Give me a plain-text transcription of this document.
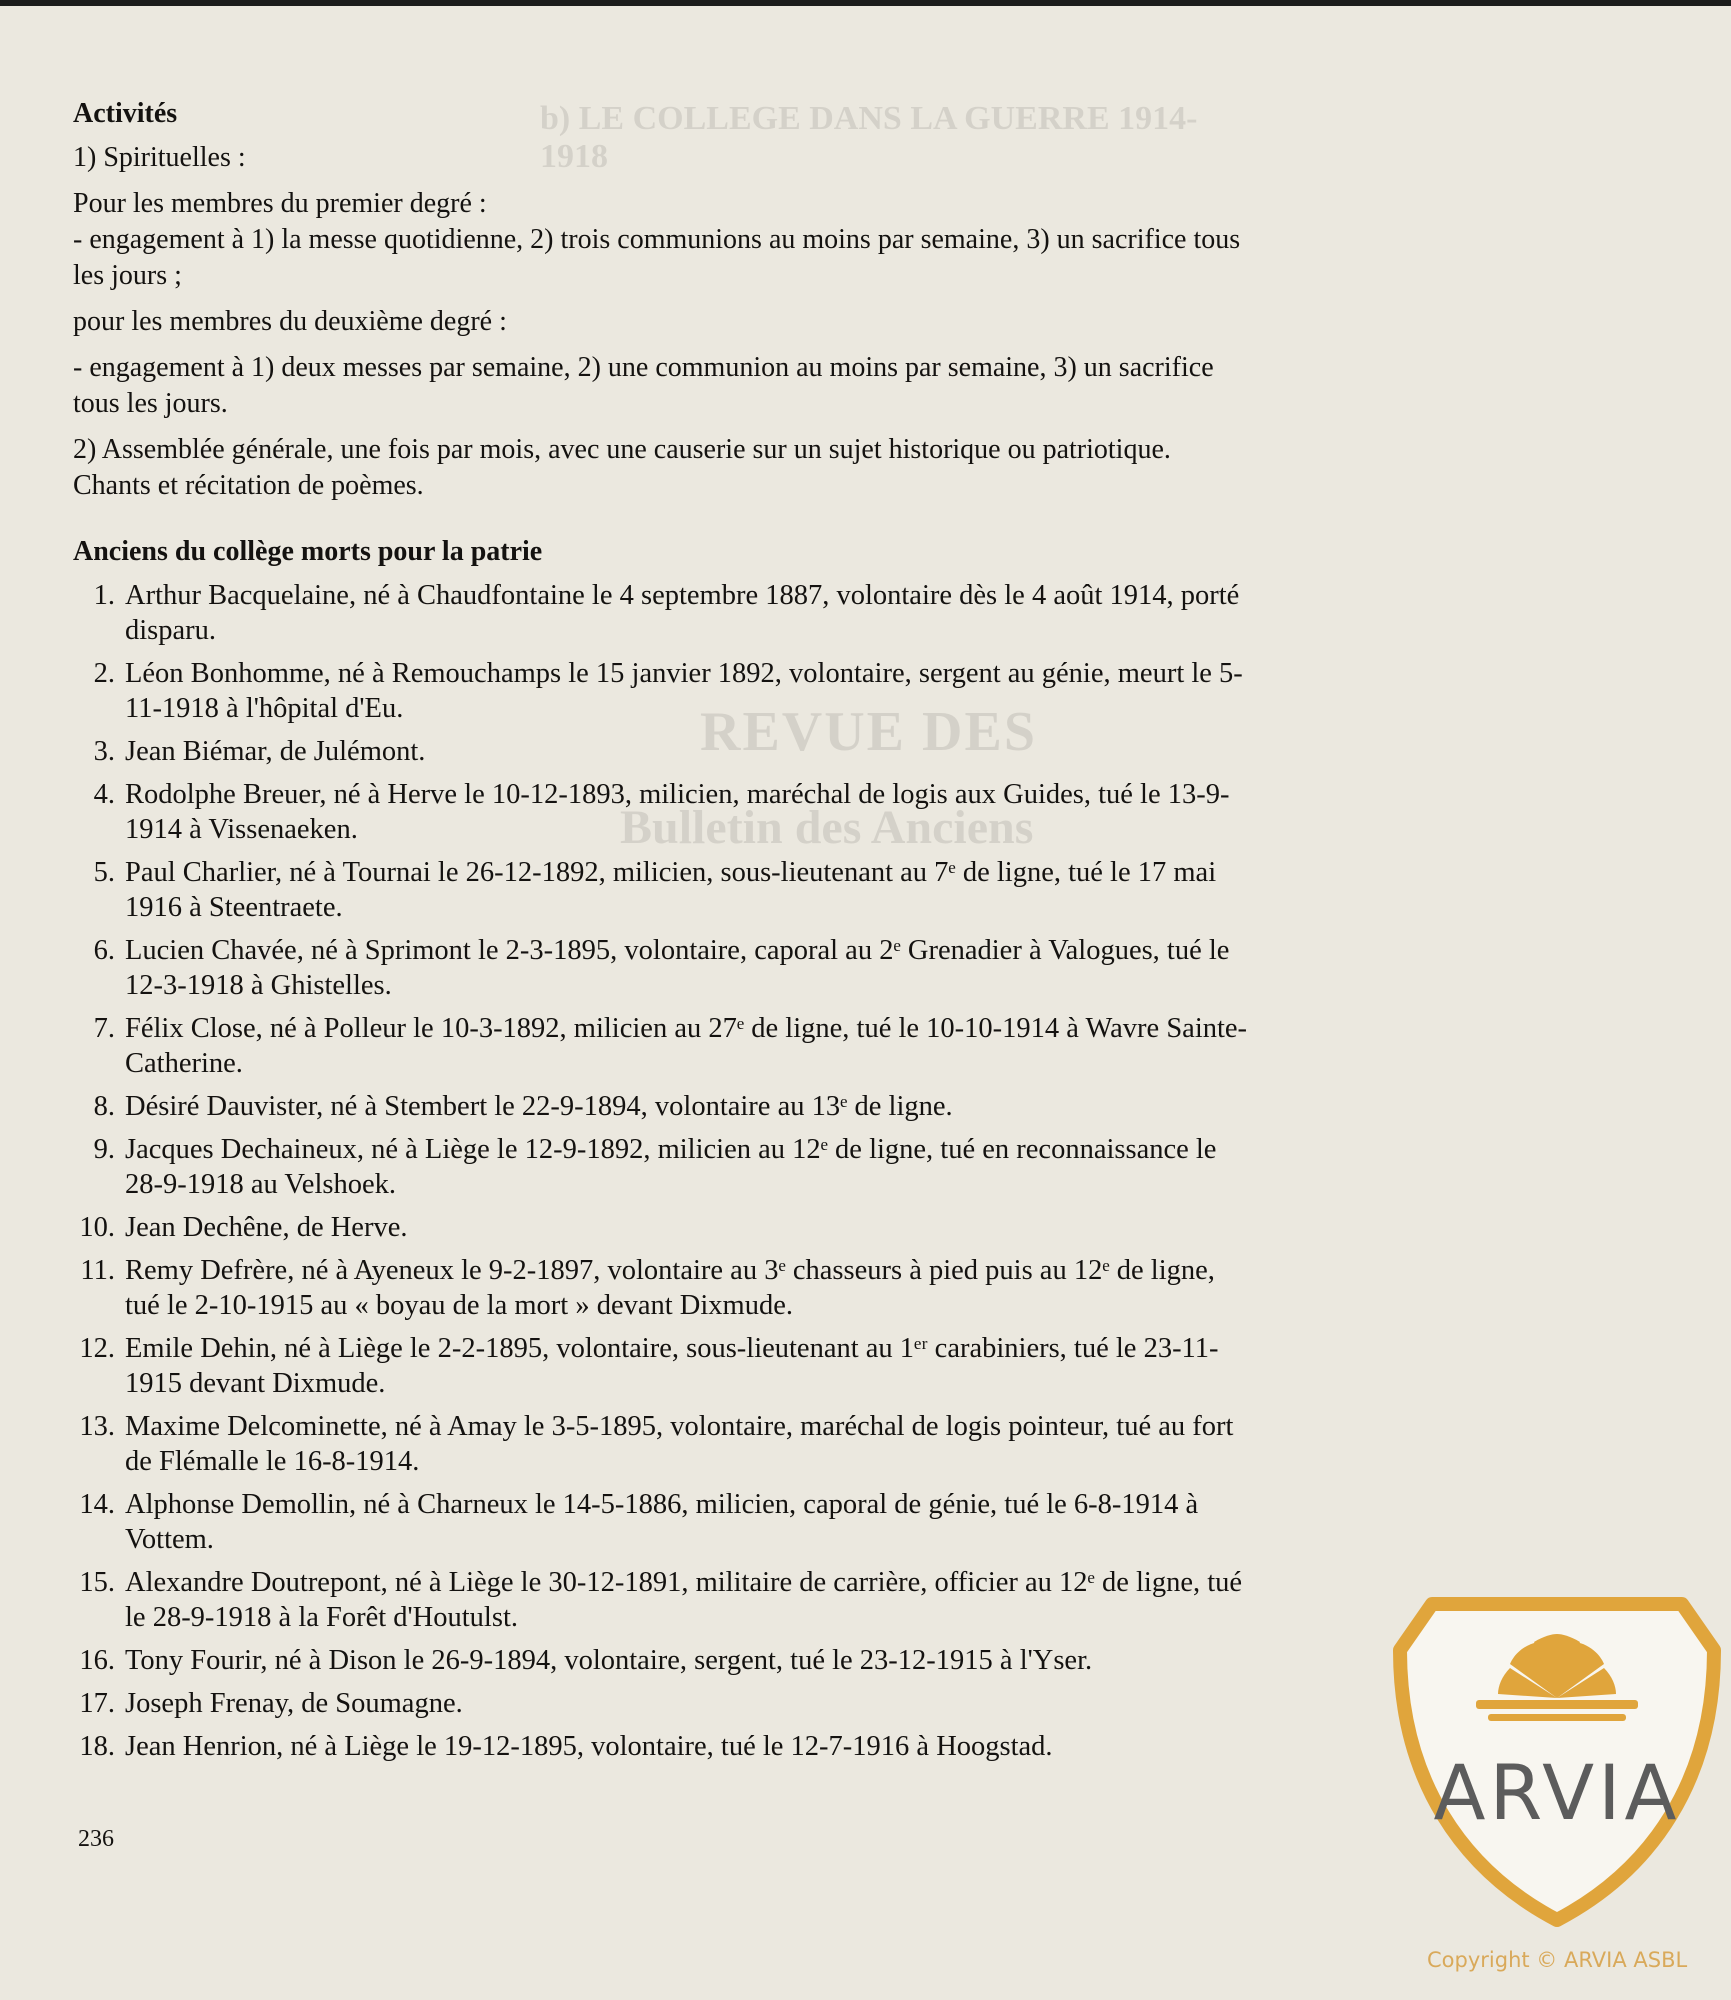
b) LE COLLEGE DANS LA GUERRE 1914-1918
REVUE DES
Bulletin des Anciens

Activités

1) Spirituelles :

Pour les membres du premier degré :

- engagement à 1) la messe quotidienne, 2) trois communions au moins par semaine, 3) un sacrifice tous les jours ;

pour les membres du deuxième degré :

- engagement à 1) deux messes par semaine, 2) une communion au moins par semaine, 3) un sacrifice tous les jours.

2) Assemblée générale, une fois par mois, avec une causerie sur un sujet historique ou patriotique. Chants et récitation de poèmes.

Anciens du collège morts pour la patrie

1. Arthur Bacquelaine, né à Chaudfontaine le 4 septembre 1887, volontaire dès le 4 août 1914, porté disparu.
2. Léon Bonhomme, né à Remouchamps le 15 janvier 1892, volontaire, sergent au génie, meurt le 5-11-1918 à l'hôpital d'Eu.
3. Jean Biémar, de Julémont.
4. Rodolphe Breuer, né à Herve le 10-12-1893, milicien, maréchal de logis aux Guides, tué le 13-9-1914 à Vissenaeken.
5. Paul Charlier, né à Tournai le 26-12-1892, milicien, sous-lieutenant au 7ᵉ de ligne, tué le 17 mai 1916 à Steentraete.
6. Lucien Chavée, né à Sprimont le 2-3-1895, volontaire, caporal au 2ᵉ Grenadier à Valogues, tué le 12-3-1918 à Ghistelles.
7. Félix Close, né à Polleur le 10-3-1892, milicien au 27ᵉ de ligne, tué le 10-10-1914 à Wavre Sainte-Catherine.
8. Désiré Dauvister, né à Stembert le 22-9-1894, volontaire au 13ᵉ de ligne.
9. Jacques Dechaineux, né à Liège le 12-9-1892, milicien au 12ᵉ de ligne, tué en reconnaissance le 28-9-1918 au Velshoek.
10. Jean Dechêne, de Herve.
11. Remy Defrère, né à Ayeneux le 9-2-1897, volontaire au 3ᵉ chasseurs à pied puis au 12ᵉ de ligne, tué le 2-10-1915 au « boyau de la mort » devant Dixmude.
12. Emile Dehin, né à Liège le 2-2-1895, volontaire, sous-lieutenant au 1ᵉʳ carabiniers, tué le 23-11-1915 devant Dixmude.
13. Maxime Delcominette, né à Amay le 3-5-1895, volontaire, maréchal de logis pointeur, tué au fort de Flémalle le 16-8-1914.
14. Alphonse Demollin, né à Charneux le 14-5-1886, milicien, caporal de génie, tué le 6-8-1914 à Vottem.
15. Alexandre Doutrepont, né à Liège le 30-12-1891, militaire de carrière, officier au 12ᵉ de ligne, tué le 28-9-1918 à la Forêt d'Houtulst.
16. Tony Fourir, né à Dison le 26-9-1894, volontaire, sergent, tué le 23-12-1915 à l'Yser.
17. Joseph Frenay, de Soumagne.
18. Jean Henrion, né à Liège le 19-12-1895, volontaire, tué le 12-7-1916 à Hoogstad.
236
ARVIA
Copyright © ARVIA ASBL
